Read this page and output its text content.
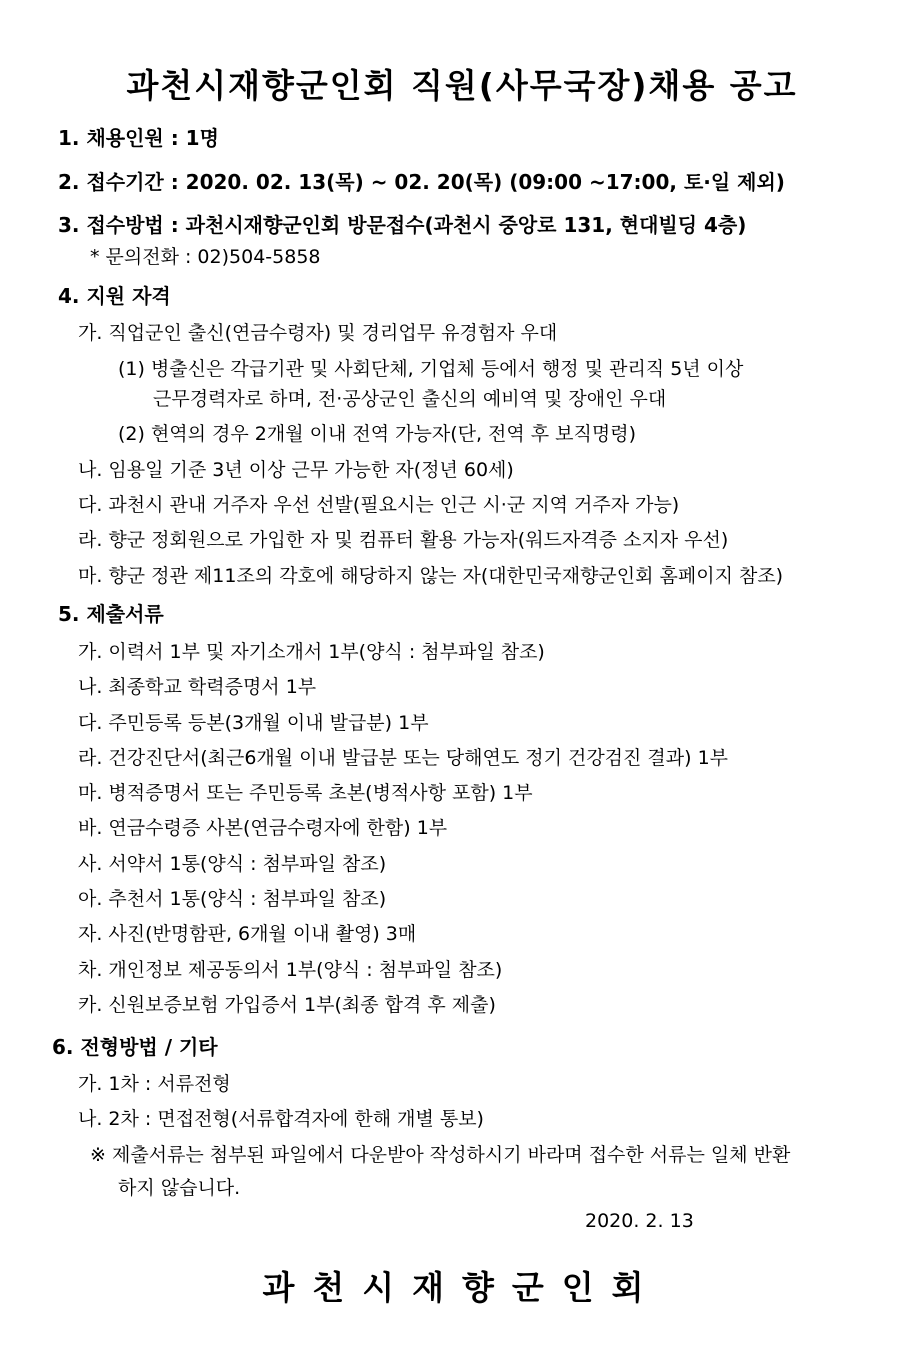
과천시재향군인회 직원(사무국장)채용 공고
1. 채용인원 : 1명
2. 접수기간 : 2020. 02. 13(목) ~ 02. 20(목) (09:00 ~17:00, 토·일 제외)
3. 접수방법 : 과천시재향군인회 방문접수(과천시 중앙로 131, 현대빌딩 4층)
* 문의전화 : 02)504-5858
4. 지원 자격
가. 직업군인 출신(연금수령자) 및 경리업무 유경험자 우대
(1) 병출신은 각급기관 및 사회단체, 기업체 등에서 행정 및 관리직 5년 이상
근무경력자로 하며, 전·공상군인 출신의 예비역 및 장애인 우대
(2) 현역의 경우 2개월 이내 전역 가능자(단, 전역 후 보직명령)
나. 임용일 기준 3년 이상 근무 가능한 자(정년 60세)
다. 과천시 관내 거주자 우선 선발(필요시는 인근 시·군 지역 거주자 가능)
라. 향군 정회원으로 가입한 자 및 컴퓨터 활용 가능자(워드자격증 소지자 우선)
마. 향군 정관 제11조의 각호에 해당하지 않는 자(대한민국재향군인회 홈페이지 참조)
5. 제출서류
가. 이력서 1부 및 자기소개서 1부(양식 : 첨부파일 참조)
나. 최종학교 학력증명서 1부
다. 주민등록 등본(3개월 이내 발급분) 1부
라. 건강진단서(최근6개월 이내 발급분 또는 당해연도 정기 건강검진 결과) 1부
마. 병적증명서 또는 주민등록 초본(병적사항 포함) 1부
바. 연금수령증 사본(연금수령자에 한함) 1부
사. 서약서 1통(양식 : 첨부파일 참조)
아. 추천서 1통(양식 : 첨부파일 참조)
자. 사진(반명함판, 6개월 이내 촬영) 3매
차. 개인정보 제공동의서 1부(양식 : 첨부파일 참조)
카. 신원보증보험 가입증서 1부(최종 합격 후 제출)
6. 전형방법 / 기타
가. 1차 : 서류전형
나. 2차 : 면접전형(서류합격자에 한해 개별 통보)
※ 제출서류는 첨부된 파일에서 다운받아 작성하시기 바라며 접수한 서류는 일체 반환
하지 않습니다.
2020. 2. 13
과천시재향군인회
